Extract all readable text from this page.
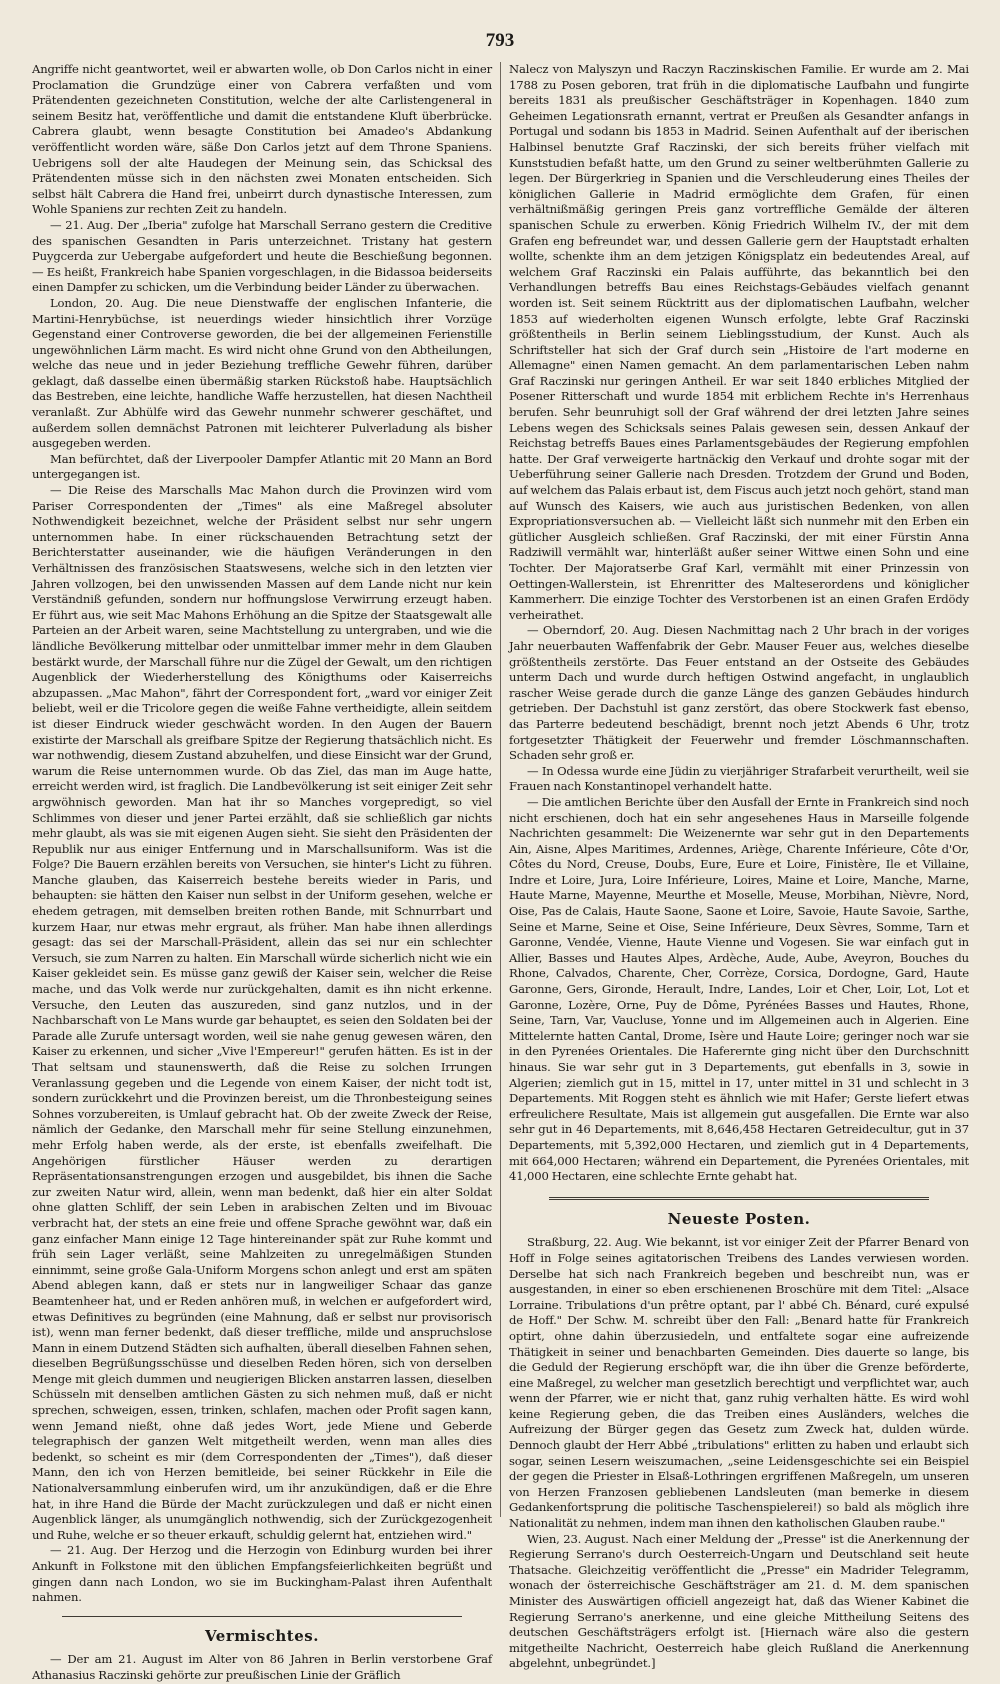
793

Angriffe nicht geantwortet, weil er abwarten wolle, ob Don Carlos nicht in einer Proclamation die Grundzüge einer von Cabrera verfaßten und vom Prätendenten gezeichneten Constitution, welche der alte Carlistengeneral in seinem Besitz hat, veröffentliche und damit die entstandene Kluft überbrücke. Cabrera glaubt, wenn besagte Constitution bei Amadeo's Abdankung veröffentlicht worden wäre, säße Don Carlos jetzt auf dem Throne Spaniens. Uebrigens soll der alte Haudegen der Meinung sein, das Schicksal des Prätendenten müsse sich in den nächsten zwei Monaten entscheiden. Sich selbst hält Cabrera die Hand frei, unbeirrt durch dynastische Interessen, zum Wohle Spaniens zur rechten Zeit zu handeln.

— 21. Aug. Der „Iberia" zufolge hat Marschall Serrano gestern die Creditive des spanischen Gesandten in Paris unterzeichnet. Tristany hat gestern Puygcerda zur Uebergabe aufgefordert und heute die Beschießung begonnen. — Es heißt, Frankreich habe Spanien vorgeschlagen, in die Bidassoa beiderseits einen Dampfer zu schicken, um die Verbindung beider Länder zu überwachen.

London, 20. Aug. Die neue Dienstwaffe der englischen Infanterie, die Martini-Henrybüchse, ist neuerdings wieder hinsichtlich ihrer Vorzüge Gegenstand einer Controverse geworden, die bei der allgemeinen Ferienstille ungewöhnlichen Lärm macht. Es wird nicht ohne Grund von den Abtheilungen, welche das neue und in jeder Beziehung treffliche Gewehr führen, darüber geklagt, daß dasselbe einen übermäßig starken Rückstoß habe. Hauptsächlich das Bestreben, eine leichte, handliche Waffe herzustellen, hat diesen Nachtheil veranlaßt. Zur Abhülfe wird das Gewehr nunmehr schwerer geschäftet, und außerdem sollen demnächst Patronen mit leichterer Pulverladung als bisher ausgegeben werden.

Man befürchtet, daß der Liverpooler Dampfer Atlantic mit 20 Mann an Bord untergegangen ist.

— Die Reise des Marschalls Mac Mahon durch die Provinzen wird vom Pariser Correspondenten der „Times" als eine Maßregel absoluter Nothwendigkeit bezeichnet, welche der Präsident selbst nur sehr ungern unternommen habe. In einer rückschauenden Betrachtung setzt der Berichterstatter auseinander, wie die häufigen Veränderungen in den Verhältnissen des französischen Staatswesens, welche sich in den letzten vier Jahren vollzogen, bei den unwissenden Massen auf dem Lande nicht nur kein Verständniß gefunden, sondern nur hoffnungslose Verwirrung erzeugt haben. Er führt aus, wie seit Mac Mahons Erhöhung an die Spitze der Staatsgewalt alle Parteien an der Arbeit waren, seine Machtstellung zu untergraben, und wie die ländliche Bevölkerung mittelbar oder unmittelbar immer mehr in dem Glauben bestärkt wurde, der Marschall führe nur die Zügel der Gewalt, um den richtigen Augenblick der Wiederherstellung des Königthums oder Kaiserreichs abzupassen. „Mac Mahon", fährt der Correspondent fort, „ward vor einiger Zeit beliebt, weil er die Tricolore gegen die weiße Fahne vertheidigte, allein seitdem ist dieser Eindruck wieder geschwächt worden. In den Augen der Bauern existirte der Marschall als greifbare Spitze der Regierung thatsächlich nicht. Es war nothwendig, diesem Zustand abzuhelfen, und diese Einsicht war der Grund, warum die Reise unternommen wurde. Ob das Ziel, das man im Auge hatte, erreicht werden wird, ist fraglich. Die Landbevölkerung ist seit einiger Zeit sehr argwöhnisch geworden. Man hat ihr so Manches vorgepredigt, so viel Schlimmes von dieser und jener Partei erzählt, daß sie schließlich gar nichts mehr glaubt, als was sie mit eigenen Augen sieht. Sie sieht den Präsidenten der Republik nur aus einiger Entfernung und in Marschallsuniform. Was ist die Folge? Die Bauern erzählen bereits von Versuchen, sie hinter's Licht zu führen. Manche glauben, das Kaiserreich bestehe bereits wieder in Paris, und behaupten: sie hätten den Kaiser nun selbst in der Uniform gesehen, welche er ehedem getragen, mit demselben breiten rothen Bande, mit Schnurrbart und kurzem Haar, nur etwas mehr ergraut, als früher. Man habe ihnen allerdings gesagt: das sei der Marschall-Präsident, allein das sei nur ein schlechter Versuch, sie zum Narren zu halten. Ein Marschall würde sicherlich nicht wie ein Kaiser gekleidet sein. Es müsse ganz gewiß der Kaiser sein, welcher die Reise mache, und das Volk werde nur zurückgehalten, damit es ihn nicht erkenne. Versuche, den Leuten das auszureden, sind ganz nutzlos, und in der Nachbarschaft von Le Mans wurde gar behauptet, es seien den Soldaten bei der Parade alle Zurufe untersagt worden, weil sie nahe genug gewesen wären, den Kaiser zu erkennen, und sicher „Vive l'Empereur!" gerufen hätten. Es ist in der That seltsam und staunenswerth, daß die Reise zu solchen Irrungen Veranlassung gegeben und die Legende von einem Kaiser, der nicht todt ist, sondern zurückkehrt und die Provinzen bereist, um die Thronbesteigung seines Sohnes vorzubereiten, is Umlauf gebracht hat. Ob der zweite Zweck der Reise, nämlich der Gedanke, den Marschall mehr für seine Stellung einzunehmen, mehr Erfolg haben werde, als der erste, ist ebenfalls zweifelhaft. Die Angehörigen fürstlicher Häuser werden zu derartigen Repräsentationsanstrengungen erzogen und ausgebildet, bis ihnen die Sache zur zweiten Natur wird, allein, wenn man bedenkt, daß hier ein alter Soldat ohne glatten Schliff, der sein Leben in arabischen Zelten und im Bivouac verbracht hat, der stets an eine freie und offene Sprache gewöhnt war, daß ein ganz einfacher Mann einige 12 Tage hintereinander spät zur Ruhe kommt und früh sein Lager verläßt, seine Mahlzeiten zu unregelmäßigen Stunden einnimmt, seine große Gala-Uniform Morgens schon anlegt und erst am späten Abend ablegen kann, daß er stets nur in langweiliger Schaar das ganze Beamtenheer hat, und er Reden anhören muß, in welchen er aufgefordert wird, etwas Definitives zu begründen (eine Mahnung, daß er selbst nur provisorisch ist), wenn man ferner bedenkt, daß dieser treffliche, milde und anspruchslose Mann in einem Dutzend Städten sich aufhalten, überall dieselben Fahnen sehen, dieselben Begrüßungsschüsse und dieselben Reden hören, sich von derselben Menge mit gleich dummen und neugierigen Blicken anstarren lassen, dieselben Schüsseln mit denselben amtlichen Gästen zu sich nehmen muß, daß er nicht sprechen, schweigen, essen, trinken, schlafen, machen oder Profit sagen kann, wenn Jemand nießt, ohne daß jedes Wort, jede Miene und Geberde telegraphisch der ganzen Welt mitgetheilt werden, wenn man alles dies bedenkt, so scheint es mir (dem Correspondenten der „Times"), daß dieser Mann, den ich von Herzen bemitleide, bei seiner Rückkehr in Eile die Nationalversammlung einberufen wird, um ihr anzukündigen, daß er die Ehre hat, in ihre Hand die Bürde der Macht zurückzulegen und daß er nicht einen Augenblick länger, als unumgänglich nothwendig, sich der Zurückgezogenheit und Ruhe, welche er so theuer erkauft, schuldig gelernt hat, entziehen wird."

— 21. Aug. Der Herzog und die Herzogin von Edinburg wurden bei ihrer Ankunft in Folkstone mit den üblichen Empfangsfeierlichkeiten begrüßt und gingen dann nach London, wo sie im Buckingham-Palast ihren Aufenthalt nahmen.

Vermischtes.

— Der am 21. August im Alter von 86 Jahren in Berlin verstorbene Graf Athanasius Raczinski gehörte zur preußischen Linie der Gräflich

Nalecz von Malyszyn und Raczyn Raczinskischen Familie. Er wurde am 2. Mai 1788 zu Posen geboren, trat früh in die diplomatische Laufbahn und fungirte bereits 1831 als preußischer Geschäftsträger in Kopenhagen. 1840 zum Geheimen Legationsrath ernannt, vertrat er Preußen als Gesandter anfangs in Portugal und sodann bis 1853 in Madrid. Seinen Aufenthalt auf der iberischen Halbinsel benutzte Graf Raczinski, der sich bereits früher vielfach mit Kunststudien befaßt hatte, um den Grund zu seiner weltberühmten Gallerie zu legen. Der Bürgerkrieg in Spanien und die Verschleuderung eines Theiles der königlichen Gallerie in Madrid ermöglichte dem Grafen, für einen verhältnißmäßig geringen Preis ganz vortreffliche Gemälde der älteren spanischen Schule zu erwerben. König Friedrich Wilhelm IV., der mit dem Grafen eng befreundet war, und dessen Gallerie gern der Hauptstadt erhalten wollte, schenkte ihm an dem jetzigen Königsplatz ein bedeutendes Areal, auf welchem Graf Raczinski ein Palais aufführte, das bekanntlich bei den Verhandlungen betreffs Bau eines Reichstags-Gebäudes vielfach genannt worden ist. Seit seinem Rücktritt aus der diplomatischen Laufbahn, welcher 1853 auf wiederholten eigenen Wunsch erfolgte, lebte Graf Raczinski größtentheils in Berlin seinem Lieblingsstudium, der Kunst. Auch als Schriftsteller hat sich der Graf durch sein „Histoire de l'art moderne en Allemagne" einen Namen gemacht. An dem parlamentarischen Leben nahm Graf Raczinski nur geringen Antheil. Er war seit 1840 erbliches Mitglied der Posener Ritterschaft und wurde 1854 mit erblichem Rechte in's Herrenhaus berufen. Sehr beunruhigt soll der Graf während der drei letzten Jahre seines Lebens wegen des Schicksals seines Palais gewesen sein, dessen Ankauf der Reichstag betreffs Baues eines Parlamentsgebäudes der Regierung empfohlen hatte. Der Graf verweigerte hartnäckig den Verkauf und drohte sogar mit der Ueberführung seiner Gallerie nach Dresden. Trotzdem der Grund und Boden, auf welchem das Palais erbaut ist, dem Fiscus auch jetzt noch gehört, stand man auf Wunsch des Kaisers, wie auch aus juristischen Bedenken, von allen Expropriationsversuchen ab. — Vielleicht läßt sich nunmehr mit den Erben ein gütlicher Ausgleich schließen. Graf Raczinski, der mit einer Fürstin Anna Radziwill vermählt war, hinterläßt außer seiner Wittwe einen Sohn und eine Tochter. Der Majoratserbe Graf Karl, vermählt mit einer Prinzessin von Oettingen-Wallerstein, ist Ehrenritter des Malteserordens und königlicher Kammerherr. Die einzige Tochter des Verstorbenen ist an einen Grafen Erdödy verheirathet.

— Oberndorf, 20. Aug. Diesen Nachmittag nach 2 Uhr brach in der voriges Jahr neuerbauten Waffenfabrik der Gebr. Mauser Feuer aus, welches dieselbe größtentheils zerstörte. Das Feuer entstand an der Ostseite des Gebäudes unterm Dach und wurde durch heftigen Ostwind angefacht, in unglaublich rascher Weise gerade durch die ganze Länge des ganzen Gebäudes hindurch getrieben. Der Dachstuhl ist ganz zerstört, das obere Stockwerk fast ebenso, das Parterre bedeutend beschädigt, brennt noch jetzt Abends 6 Uhr, trotz fortgesetzter Thätigkeit der Feuerwehr und fremder Löschmannschaften. Schaden sehr groß er.

— In Odessa wurde eine Jüdin zu vierjähriger Strafarbeit verurtheilt, weil sie Frauen nach Konstantinopel verhandelt hatte.

— Die amtlichen Berichte über den Ausfall der Ernte in Frankreich sind noch nicht erschienen, doch hat ein sehr angesehenes Haus in Marseille folgende Nachrichten gesammelt: Die Weizenernte war sehr gut in den Departements Ain, Aisne, Alpes Maritimes, Ardennes, Ariège, Charente Inférieure, Côte d'Or, Côtes du Nord, Creuse, Doubs, Eure, Eure et Loire, Finistère, Ile et Villaine, Indre et Loire, Jura, Loire Inférieure, Loires, Maine et Loire, Manche, Marne, Haute Marne, Mayenne, Meurthe et Moselle, Meuse, Morbihan, Nièvre, Nord, Oise, Pas de Calais, Haute Saone, Saone et Loire, Savoie, Haute Savoie, Sarthe, Seine et Marne, Seine et Oise, Seine Inférieure, Deux Sèvres, Somme, Tarn et Garonne, Vendée, Vienne, Haute Vienne und Vogesen. Sie war einfach gut in Allier, Basses und Hautes Alpes, Ardèche, Aude, Aube, Aveyron, Bouches du Rhone, Calvados, Charente, Cher, Corrèze, Corsica, Dordogne, Gard, Haute Garonne, Gers, Gironde, Herault, Indre, Landes, Loir et Cher, Loir, Lot, Lot et Garonne, Lozère, Orne, Puy de Dôme, Pyrénées Basses und Hautes, Rhone, Seine, Tarn, Var, Vaucluse, Yonne und im Allgemeinen auch in Algerien. Eine Mittelernte hatten Cantal, Drome, Isère und Haute Loire; geringer noch war sie in den Pyrenées Orientales. Die Haferernte ging nicht über den Durchschnitt hinaus. Sie war sehr gut in 3 Departements, gut ebenfalls in 3, sowie in Algerien; ziemlich gut in 15, mittel in 17, unter mittel in 31 und schlecht in 3 Departements. Mit Roggen steht es ähnlich wie mit Hafer; Gerste liefert etwas erfreulichere Resultate, Mais ist allgemein gut ausgefallen. Die Ernte war also sehr gut in 46 Departements, mit 8,646,458 Hectaren Getreidecultur, gut in 37 Departements, mit 5,392,000 Hectaren, und ziemlich gut in 4 Departements, mit 664,000 Hectaren; während ein Departement, die Pyrenées Orientales, mit 41,000 Hectaren, eine schlechte Ernte gehabt hat.

Neueste Posten.

Straßburg, 22. Aug. Wie bekannt, ist vor einiger Zeit der Pfarrer Benard von Hoff in Folge seines agitatorischen Treibens des Landes verwiesen worden. Derselbe hat sich nach Frankreich begeben und beschreibt nun, was er ausgestanden, in einer so eben erschienenen Broschüre mit dem Titel: „Alsace Lorraine. Tribulations d'un prêtre optant, par l' abbé Ch. Bénard, curé expulsé de Hoff." Der Schw. M. schreibt über den Fall: „Benard hatte für Frankreich optirt, ohne dahin überzusiedeln, und entfaltete sogar eine aufreizende Thätigkeit in seiner und benachbarten Gemeinden. Dies dauerte so lange, bis die Geduld der Regierung erschöpft war, die ihn über die Grenze beförderte, eine Maßregel, zu welcher man gesetzlich berechtigt und verpflichtet war, auch wenn der Pfarrer, wie er nicht that, ganz ruhig verhalten hätte. Es wird wohl keine Regierung geben, die das Treiben eines Ausländers, welches die Aufreizung der Bürger gegen das Gesetz zum Zweck hat, dulden würde. Dennoch glaubt der Herr Abbé „tribulations" erlitten zu haben und erlaubt sich sogar, seinen Lesern weiszumachen, „seine Leidensgeschichte sei ein Beispiel der gegen die Priester in Elsaß-Lothringen ergriffenen Maßregeln, um unseren von Herzen Franzosen gebliebenen Landsleuten (man bemerke in diesem Gedankenfortsprung die politische Taschenspielerei!) so bald als möglich ihre Nationalität zu nehmen, indem man ihnen den katholischen Glauben raube."

Wien, 23. August. Nach einer Meldung der „Presse" ist die Anerkennung der Regierung Serrano's durch Oesterreich-Ungarn und Deutschland seit heute Thatsache. Gleichzeitig veröffentlicht die „Presse" ein Madrider Telegramm, wonach der österreichische Geschäftsträger am 21. d. M. dem spanischen Minister des Auswärtigen officiell angezeigt hat, daß das Wiener Kabinet die Regierung Serrano's anerkenne, und eine gleiche Mittheilung Seitens des deutschen Geschäftsträgers erfolgt ist. [Hiernach wäre also die gestern mitgetheilte Nachricht, Oesterreich habe gleich Rußland die Anerkennung abgelehnt, unbegründet.]
